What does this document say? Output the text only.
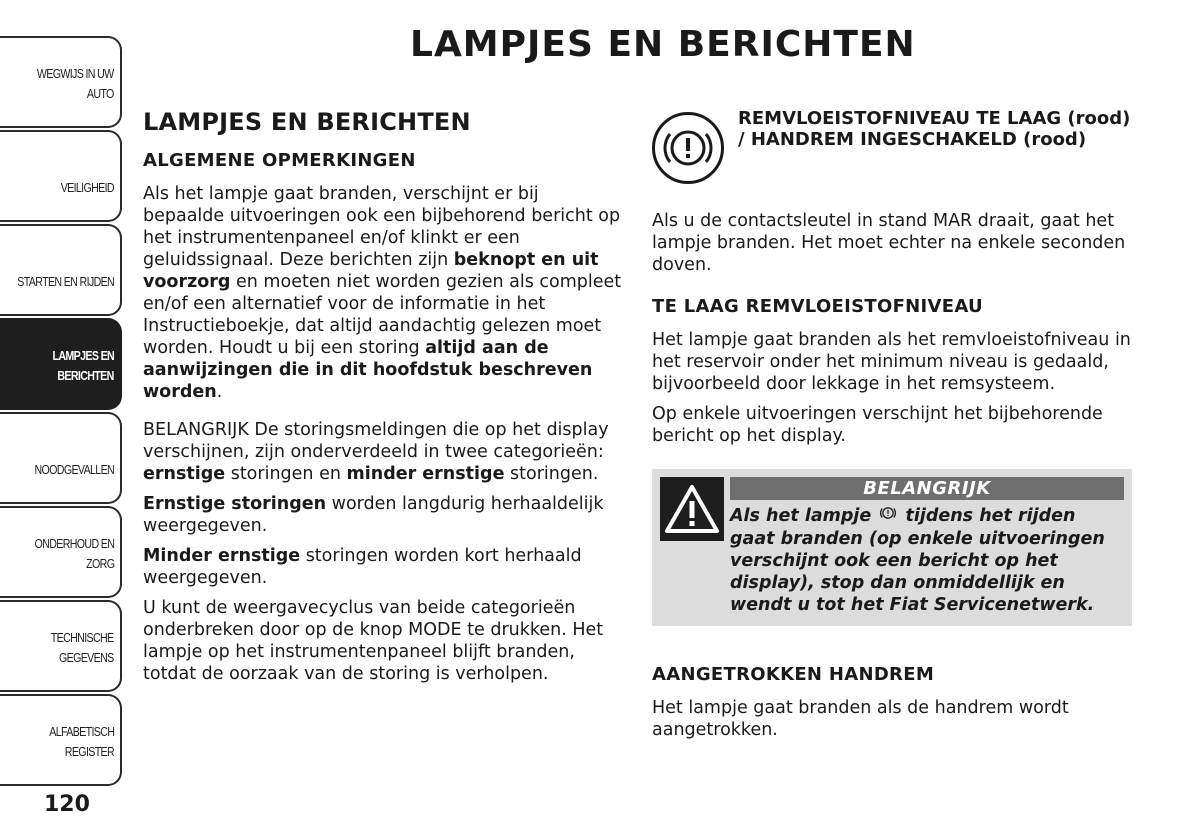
WEGWIJS IN UW
AUTO
VEILIGHEID
STARTEN EN RIJDEN
LAMPJES EN
BERICHTEN
NOODGEVALLEN
ONDERHOUD EN
ZORG
TECHNISCHE
GEGEVENS
ALFABETISCH
REGISTER
LAMPJES EN BERICHTEN
LAMPJES EN BERICHTEN
ALGEMENE OPMERKINGEN

Als het lampje gaat branden, verschijnt er bij bepaalde uitvoeringen ook een bijbehorend bericht op het instrumentenpaneel en/of klinkt er een geluidssignaal. Deze berichten zijn beknopt en uit voorzorg en moeten niet worden gezien als compleet en/of een alternatief voor de informatie in het Instructieboekje, dat altijd aandachtig gelezen moet worden. Houdt u bij een storing altijd aan de aanwijzingen die in dit hoofdstuk beschreven worden.

BELANGRIJK De storingsmeldingen die op het display verschijnen, zijn onderverdeeld in twee categorieën: ernstige storingen en minder ernstige storingen.

Ernstige storingen worden langdurig herhaaldelijk weergegeven.

Minder ernstige storingen worden kort herhaald weergegeven.

U kunt de weergavecyclus van beide categorieën onderbreken door op de knop MODE te drukken. Het lampje op het instrumentenpaneel blijft branden, totdat de oorzaak van de storing is verholpen.

REMVLOEISTOFNIVEAU TE LAAG (rood) / HANDREM INGESCHAKELD (rood)

Als u de contactsleutel in stand MAR draait, gaat het lampje branden. Het moet echter na enkele seconden doven.

TE LAAG REMVLOEISTOFNIVEAU

Het lampje gaat branden als het remvloeistofniveau in het reservoir onder het minimum niveau is gedaald, bijvoorbeeld door lekkage in het remsysteem.

Op enkele uitvoeringen verschijnt het bijbehorende bericht op het display.

BELANGRIJK
Als het lampje  tijdens het rijden gaat branden (op enkele uitvoeringen verschijnt ook een bericht op het display), stop dan onmiddellijk en wendt u tot het Fiat Servicenetwerk.
AANGETROKKEN HANDREM

Het lampje gaat branden als de handrem wordt aangetrokken.

120
